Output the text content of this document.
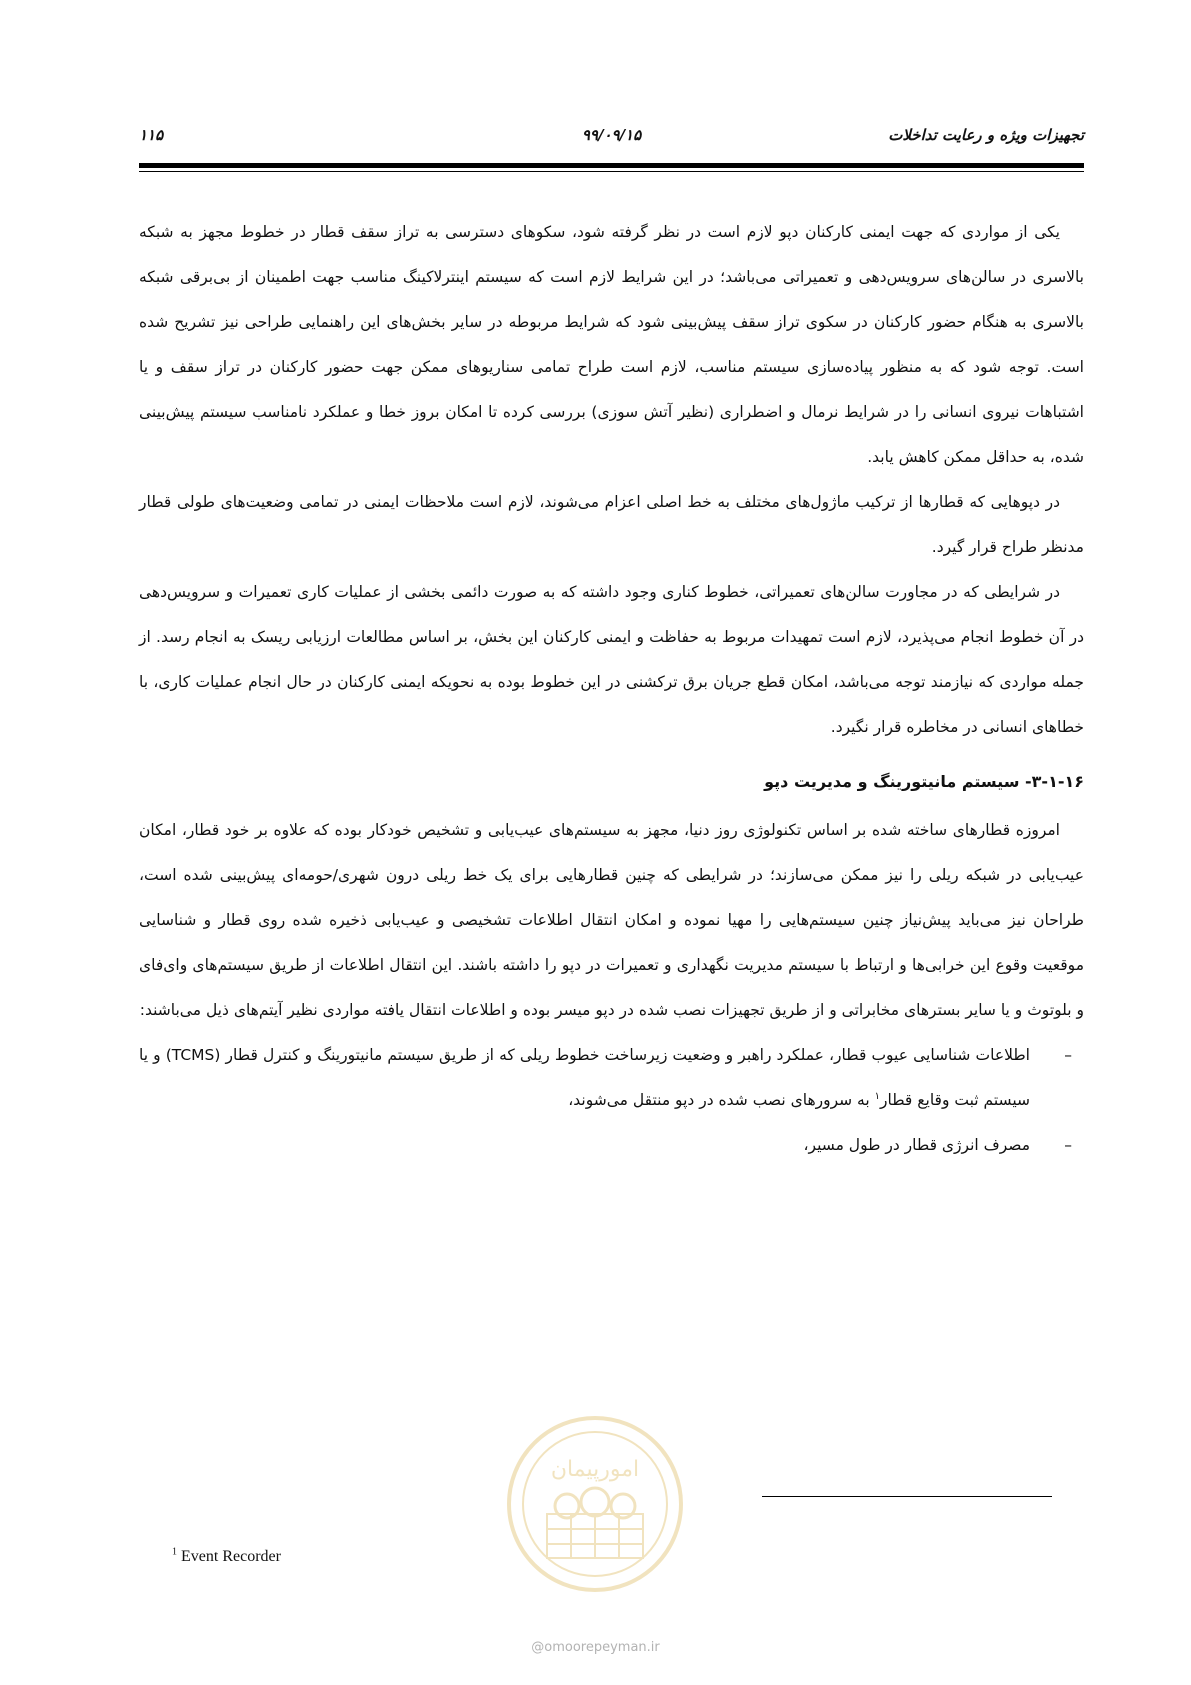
تجهیزات ویژه و رعایت تداخلات
۹۹/۰۹/۱۵
۱۱۵

یکی از مواردی که جهت ایمنی کارکنان دپو لازم است در نظر گرفته شود، سکوهای دسترسی به تراز سقف قطار در خطوط مجهز به شبکه بالاسری در سالن‌های سرویس‌دهی و تعمیراتی می‌باشد؛ در این شرایط لازم است که سیستم اینترلاکینگ مناسب جهت اطمینان از بی‌برقی شبکه بالاسری به هنگام حضور کارکنان در سکوی تراز سقف پیش‌بینی شود که شرایط مربوطه در سایر بخش‌های این راهنمایی طراحی نیز تشریح شده است. توجه شود که به منظور پیاده‌سازی سیستم مناسب، لازم است طراح تمامی سناریوهای ممکن جهت حضور کارکنان در تراز سقف و یا اشتباهات نیروی انسانی را در شرایط نرمال و اضطراری (نظیر آتش سوزی) بررسی کرده تا امکان بروز خطا و عملکرد نامناسب سیستم پیش‌بینی شده، به حداقل ممکن کاهش یابد.

در دپوهایی که قطارها از ترکیب ماژول‌های مختلف به خط اصلی اعزام می‌شوند، لازم است ملاحظات ایمنی در تمامی وضعیت‌های طولی قطار مدنظر طراح قرار گیرد.

در شرایطی که در مجاورت سالن‌های تعمیراتی، خطوط کناری وجود داشته که به صورت دائمی بخشی از عملیات کاری تعمیرات و سرویس‌دهی در آن خطوط انجام می‌پذیرد، لازم است تمهیدات مربوط به حفاظت و ایمنی کارکنان این بخش، بر اساس مطالعات ارزیابی ریسک به انجام رسد. از جمله مواردی که نیازمند توجه می‌باشد، امکان قطع جریان برق ترکشنی در این خطوط بوده به نحویکه ایمنی کارکنان در حال انجام عملیات کاری، با خطاهای انسانی در مخاطره قرار نگیرد.

۳-۱-۱۶- سیستم مانیتورینگ و مدیریت دپو

امروزه قطارهای ساخته شده بر اساس تکنولوژی روز دنیا، مجهز به سیستم‌های عیب‌یابی و تشخیص خودکار بوده که علاوه بر خود قطار، امکان عیب‌یابی در شبکه ریلی را نیز ممکن می‌سازند؛ در شرایطی که چنین قطارهایی برای یک خط ریلی درون شهری/حومه‌ای پیش‌بینی شده است، طراحان نیز می‌باید پیش‌نیاز چنین سیستم‌هایی را مهیا نموده و امکان انتقال اطلاعات تشخیصی و عیب‌یابی ذخیره شده روی قطار و شناسایی موقعیت وقوع این خرابی‌ها و ارتباط با سیستم مدیریت نگهداری و تعمیرات در دپو را داشته باشند. این انتقال اطلاعات از طریق سیستم‌های وای‌فای و بلوتوث و یا سایر بسترهای مخابراتی و از طریق تجهیزات نصب شده در دپو میسر بوده و اطلاعات انتقال یافته مواردی نظیر آیتم‌های ذیل می‌باشند:

– اطلاعات شناسایی عیوب قطار، عملکرد راهبر و وضعیت زیرساخت خطوط ریلی که از طریق سیستم مانیتورینگ و کنترل قطار (TCMS) و یا سیستم ثبت وقایع قطار$^۱$ به سرورهای نصب شده در دپو منتقل می‌شوند،
– مصرف انرژی قطار در طول مسیر،
$^1$ Event Recorder
امورپیمان
@omoorepeyman.ir
